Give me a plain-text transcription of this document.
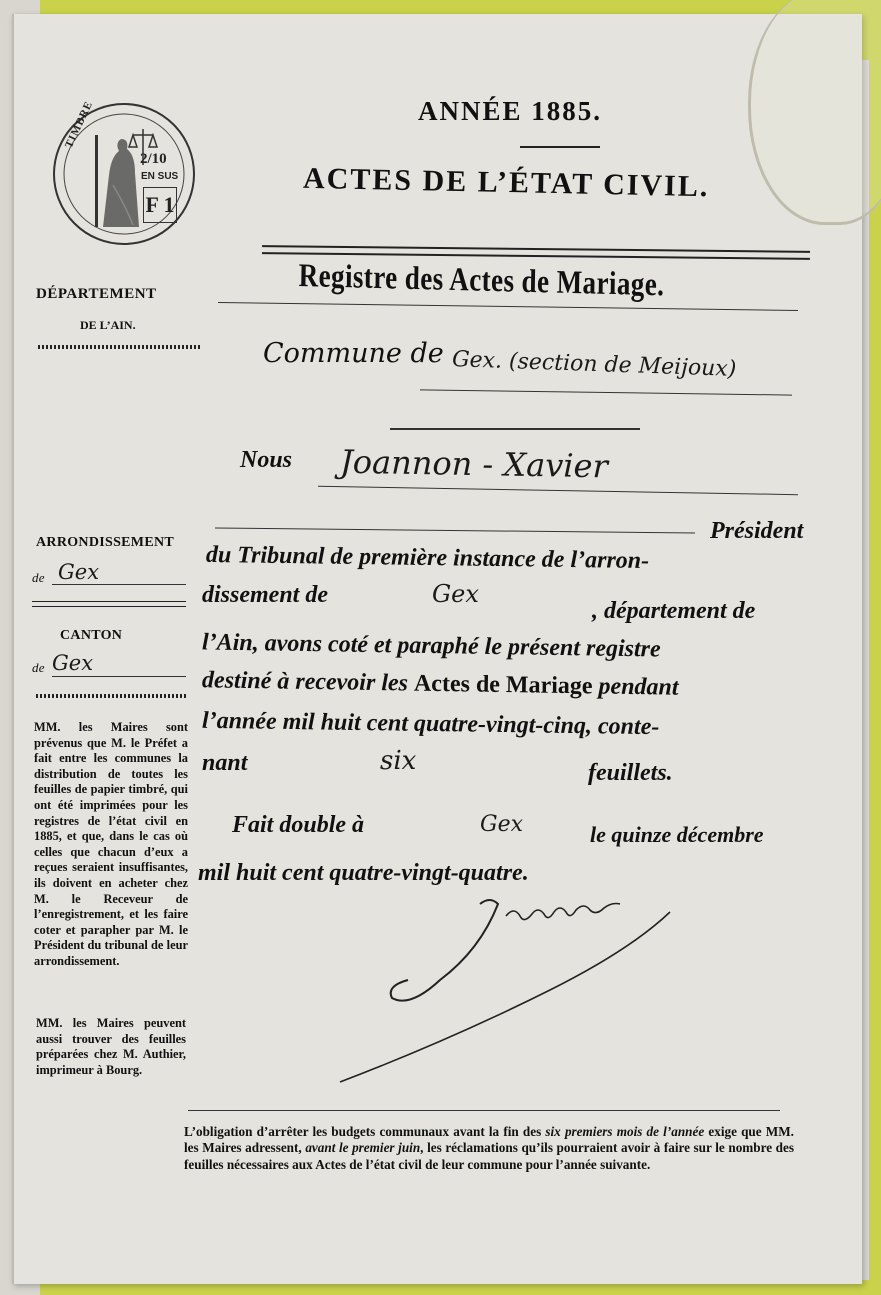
TIMBRE
2/10
EN SUS
F 1
ANNÉE 1885.
ACTES DE L’ÉTAT CIVIL.
Registre des Actes de Mariage.
DÉPARTEMENT
DE L’AIN.
ARRONDISSEMENT
de Gex
CANTON
de Gex
MM. les Maires sont prévenus que M. le Préfet a fait entre les communes la distribution de toutes les feuilles de papier timbré, qui ont été imprimées pour les registres de l’état civil en 1885, et que, dans le cas où celles que chacun d’eux a reçues seraient insuffisantes, ils doivent en acheter chez M. le Receveur de l’enregistrement, et les faire coter et parapher par M. le Président du tribunal de leur arrondissement.
MM. les Maires peuvent aussi trouver des feuilles préparées chez M. Authier, imprimeur à Bourg.
Commune de Gex. (section de Meijoux)
Nous Joannon - Xavier
Président
du Tribunal de première instance de l’arron-
dissement de	Gex
, département de
l’Ain, avons coté et paraphé le présent registre
destiné à recevoir les Actes de Mariage pendant
l’année mil huit cent quatre-vingt-cinq, conte-
nant	six	feuillets.
Fait double à	Gex	le quinze décembre
mil huit cent quatre-vingt-quatre.
L’obligation d’arrêter les budgets communaux avant la fin des six premiers mois de l’année exige que MM. les Maires adressent, avant le premier juin, les réclamations qu’ils pourraient avoir à faire sur le nombre des feuilles nécessaires aux Actes de l’état civil de leur commune pour l’année suivante.
